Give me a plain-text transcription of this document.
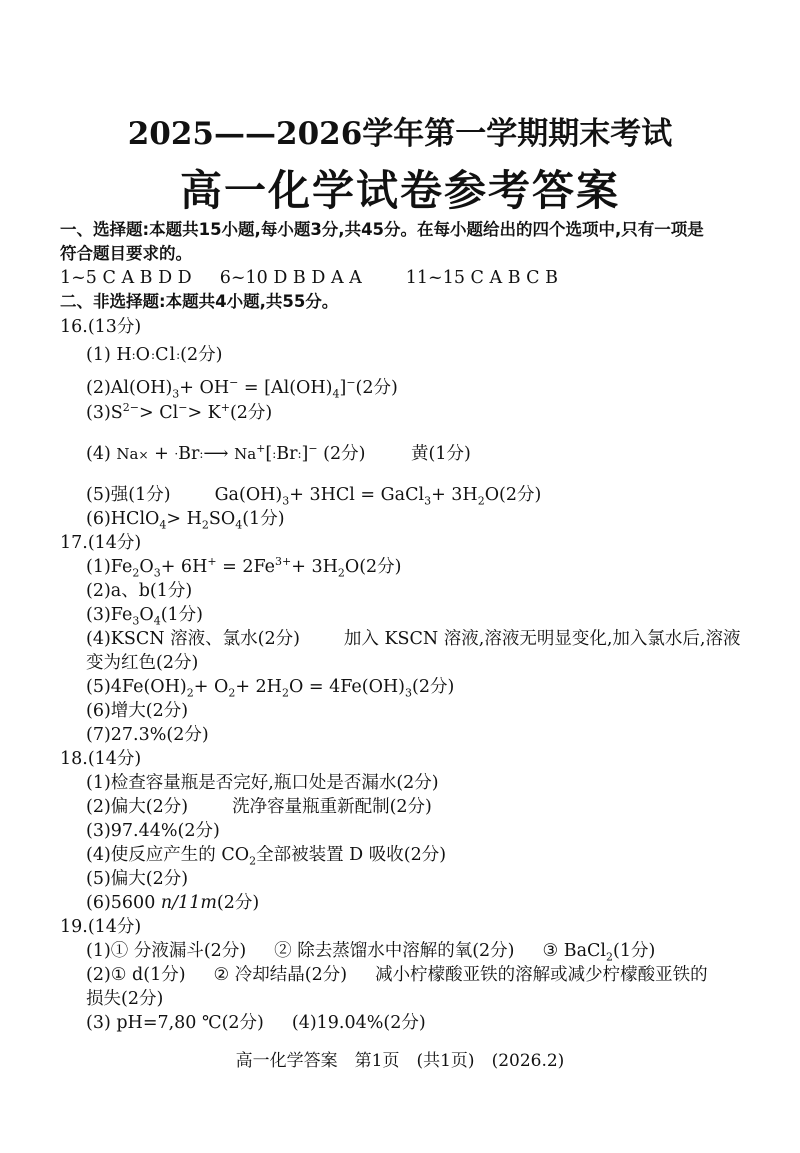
2025——2026学年第一学期期末考试
高一化学试卷参考答案
一、选择题:本题共15小题,每小题3分,共45分。在每小题给出的四个选项中,只有一项是
符合题目要求的。
1~5 C A B D D 6~10 D B D A A	11~15 C A B C B
二、非选择题:本题共4小题,共55分。
16.(13分)
(1) H:O:Cl:(2分)
$(2)Al(OH)_3+ OH^- = [Al(OH)_4]^-(2$分)
$(3)S^{2-}> Cl^-> K^+(2$分)
(4) Na× + ·Br:⟶ Na+[:Br:]− (2分)	黄(1分)
(5)强(1分)	$Ga(OH)_3+ 3HCl$ = GaCl$_3$+ $3H_2O(2$分)
(6)HClO$_4$> $H_2SO_4(1$分)
17.(14分)
$(1)Fe_2O_3+ 6H^+ = 2Fe^{3+}+ 3H_2O(2$分)
(2)a、b(1分)
$(3)Fe_3O_4(1$分)
(4)KSCN 溶液、氯水(2分)	加入 KSCN 溶液,溶液无明显变化,加入氯水后,溶液
变为红色(2分)
$(5)4Fe(OH)_2+ O_2+ 2H_2O = 4Fe(OH)_3(2$分)
(6)增大(2分)
(7)27.3%(2分)
18.(14分)
(1)检查容量瓶是否完好,瓶口处是否漏水(2分)
(2)偏大(2分)	洗净容量瓶重新配制(2分)
(3)97.44%(2分)
(4)使反应产生的 $CO_2$全部被装置 D 吸收(2分)
(5)偏大(2分)
(6)5600 n/11m(2分)
19.(14分)
(1)① 分液漏斗(2分) ② 除去蒸馏水中溶解的氧(2分) ③ BaCl$_2$(1分)
(2)① d(1分) ② 冷却结晶(2分) 减小柠檬酸亚铁的溶解或减少柠檬酸亚铁的
损失(2分)
(3) pH=7,80 ℃(2分) (4)19.04%(2分)
高一化学答案　第1页　(共1页)　(2026.2)
